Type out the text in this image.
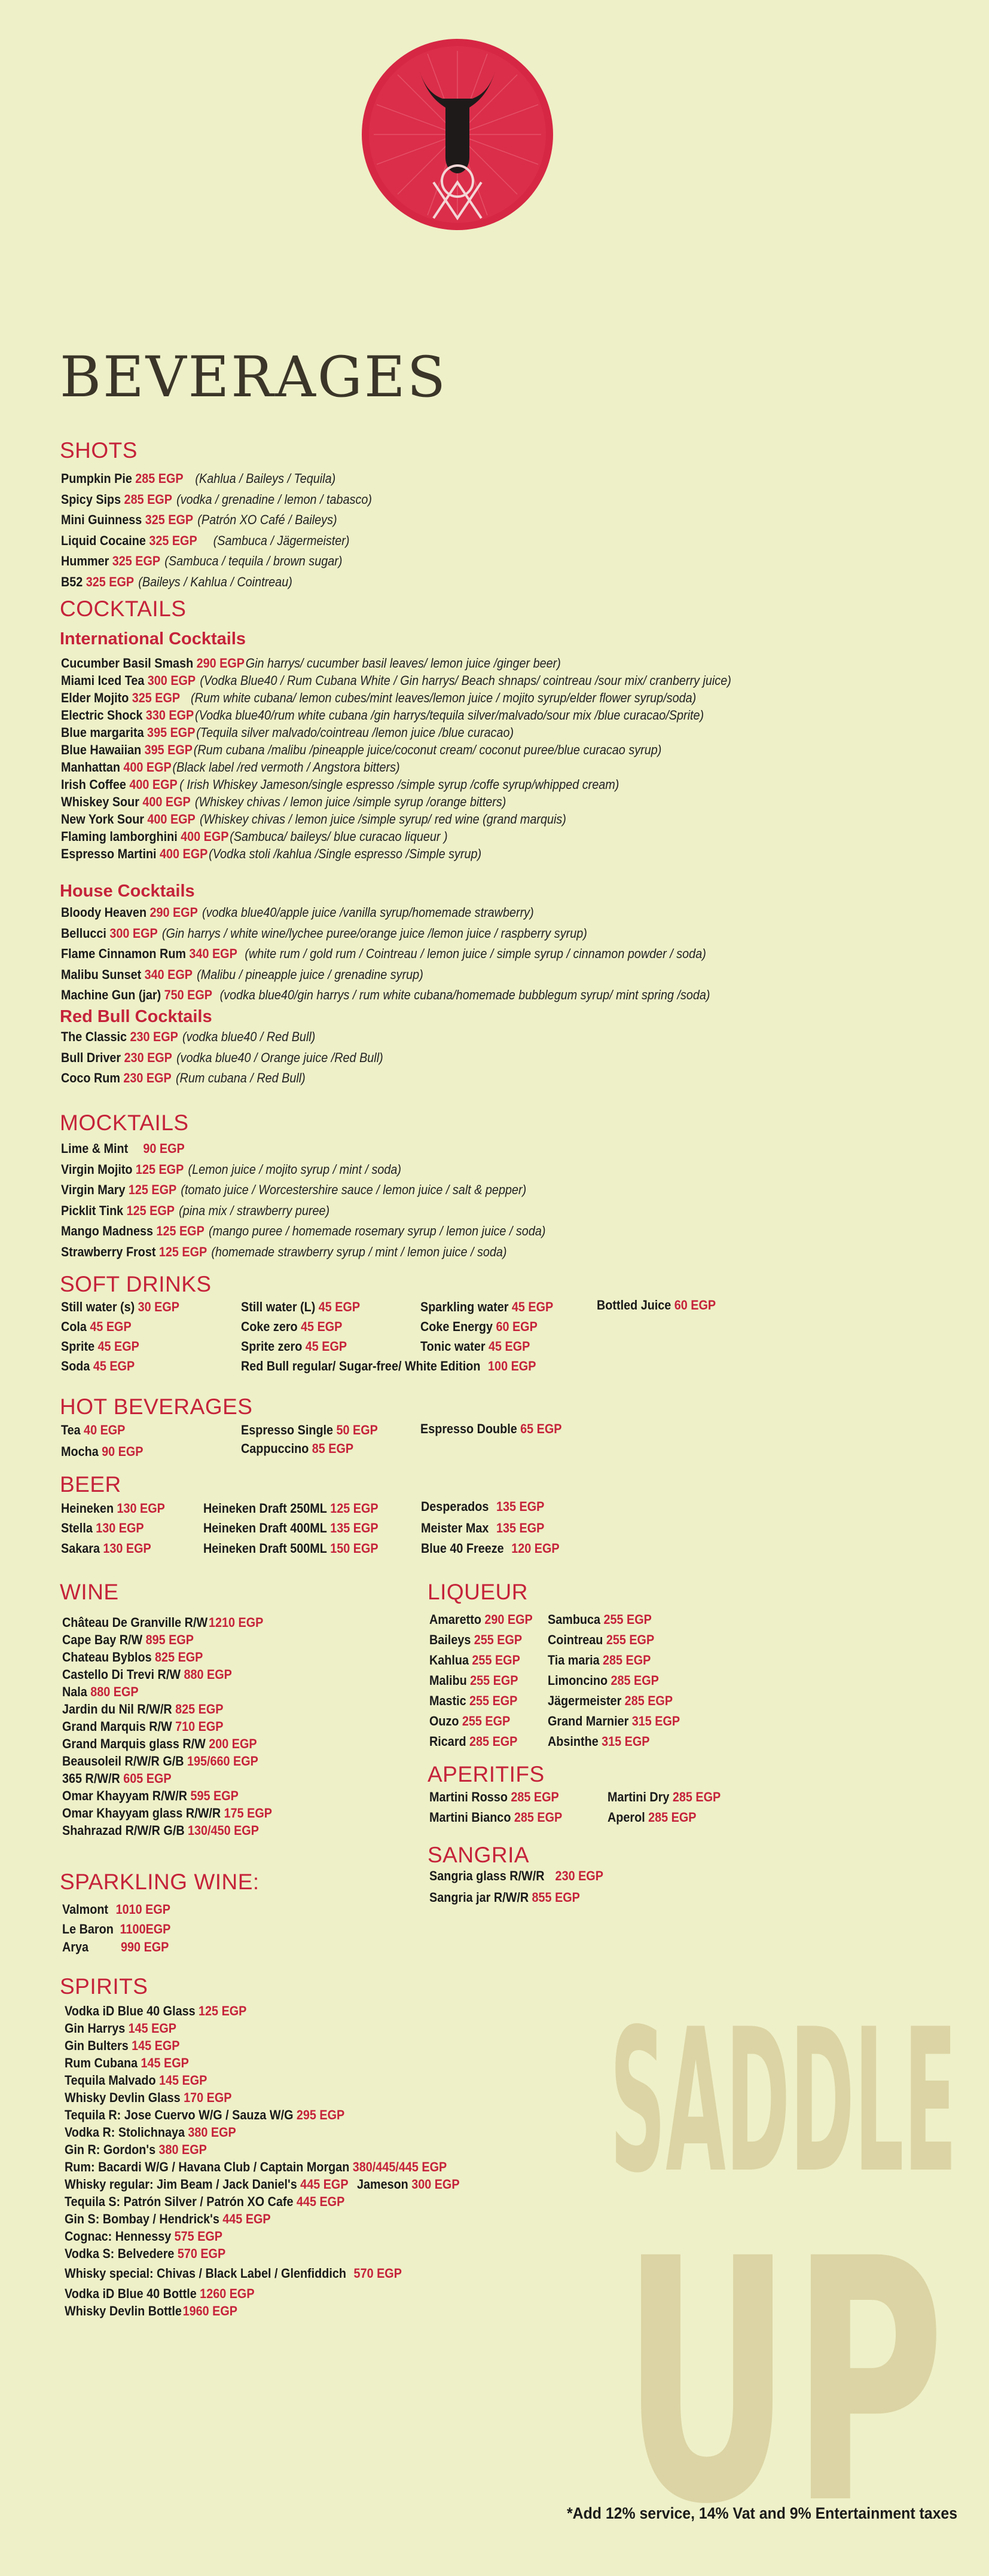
SADDLE
UP
BEVERAGES
SHOTS
Pumpkin Pie 285 EGP (Kahlua / Baileys / Tequila)
Spicy Sips 285 EGP (vodka / grenadine / lemon / tabasco)
Mini Guinness 325 EGP (Patrón XO Café / Baileys)
Liquid Cocaine 325 EGP (Sambuca / Jägermeister)
Hummer 325 EGP (Sambuca / tequila / brown sugar)
B52 325 EGP (Baileys / Kahlua / Cointreau)
COCKTAILS
International Cocktails
Cucumber Basil Smash 290 EGPGin harrys/ cucumber basil leaves/ lemon juice /ginger beer)
Miami Iced Tea 300 EGP (Vodka Blue40 / Rum Cubana White / Gin harrys/ Beach shnaps/ cointreau /sour mix/ cranberry juice)
Elder Mojito 325 EGP (Rum white cubana/ lemon cubes/mint leaves/lemon juice / mojito syrup/elder flower syrup/soda)
Electric Shock 330 EGP(Vodka blue40/rum white cubana /gin harrys/tequila silver/malvado/sour mix /blue curacao/Sprite)
Blue margarita 395 EGP(Tequila silver malvado/cointreau /lemon juice /blue curacao)
Blue Hawaiian 395 EGP(Rum cubana /malibu /pineapple juice/coconut cream/ coconut puree/blue curacao syrup)
Manhattan 400 EGP(Black label /red vermoth / Angstora bitters)
Irish Coffee 400 EGP ( Irish Whiskey Jameson/single espresso /simple syrup /coffe syrup/whipped cream)
Whiskey Sour 400 EGP (Whiskey chivas / lemon juice /simple syrup /orange bitters)
New York Sour 400 EGP (Whiskey chivas / lemon juice /simple syrup/ red wine (grand marquis)
Flaming lamborghini 400 EGP(Sambuca/ baileys/ blue curacao liqueur )
Espresso Martini 400 EGP(Vodka stoli /kahlua /Single espresso /Simple syrup)
House Cocktails
Bloody Heaven 290 EGP (vodka blue40/apple juice /vanilla syrup/homemade strawberry)
Bellucci 300 EGP (Gin harrys / white wine/lychee puree/orange juice /lemon juice / raspberry syrup)
Flame Cinnamon Rum 340 EGP (white rum / gold rum / Cointreau / lemon juice / simple syrup / cinnamon powder / soda)
Malibu Sunset 340 EGP (Malibu / pineapple juice / grenadine syrup)
Machine Gun (jar) 750 EGP (vodka blue40/gin harrys / rum white cubana/homemade bubblegum syrup/ mint spring /soda)
Red Bull Cocktails
The Classic 230 EGP (vodka blue40 / Red Bull)
Bull Driver 230 EGP (vodka blue40 / Orange juice /Red Bull)
Coco Rum 230 EGP (Rum cubana / Red Bull)
MOCKTAILS
Lime & Mint 90 EGP
Virgin Mojito 125 EGP (Lemon juice / mojito syrup / mint / soda)
Virgin Mary 125 EGP (tomato juice / Worcestershire sauce / lemon juice / salt & pepper)
Picklit Tink 125 EGP (pina mix / strawberry puree)
Mango Madness 125 EGP (mango puree / homemade rosemary syrup / lemon juice / soda)
Strawberry Frost 125 EGP (homemade strawberry syrup / mint / lemon juice / soda)
SOFT DRINKS
Still water (s) 30 EGP	Still water (L) 45 EGP	Sparkling water 45 EGP	Bottled Juice 60 EGP
Cola 45 EGP	Coke zero 45 EGP	Coke Energy 60 EGP
Sprite 45 EGP	Sprite zero 45 EGP	Tonic water 45 EGP
Soda 45 EGP	Red Bull regular/ Sugar-free/ White Edition 100 EGP
HOT BEVERAGES
Tea 40 EGP	Espresso Single 50 EGP	Espresso Double 65 EGP
Mocha 90 EGP	Cappuccino 85 EGP
BEER
Heineken 130 EGP	Heineken Draft 250ML 125 EGP	Desperados 135 EGP
Stella 130 EGP	Heineken Draft 400ML 135 EGP	Meister Max 135 EGP
Sakara 130 EGP	Heineken Draft 500ML 150 EGP	Blue 40 Freeze 120 EGP
WINE
Château De Granville R/W1210 EGP
Cape Bay R/W 895 EGP
Chateau Byblos 825 EGP
Castello Di Trevi R/W 880 EGP
Nala 880 EGP
Jardin du Nil R/W/R 825 EGP
Grand Marquis R/W 710 EGP
Grand Marquis glass R/W 200 EGP
Beausoleil R/W/R G/B 195/660 EGP
365 R/W/R 605 EGP
Omar Khayyam R/W/R 595 EGP
Omar Khayyam glass R/W/R 175 EGP
Shahrazad R/W/R G/B 130/450 EGP
LIQUEUR
Amaretto 290 EGP Sambuca 255 EGP
Baileys 255 EGP Cointreau 255 EGP
Kahlua 255 EGP Tia maria 285 EGP
Malibu 255 EGP Limoncino 285 EGP
Mastic 255 EGP Jägermeister 285 EGP
Ouzo 255 EGP	Grand Marnier 315 EGP
Ricard 285 EGP Absinthe 315 EGP
APERITIFS
Martini Rosso 285 EGP	Martini Dry 285 EGP
Martini Bianco 285 EGP	Aperol 285 EGP
SANGRIA
Sangria glass R/W/R 230 EGP
Sangria jar R/W/R 855 EGP
SPARKLING WINE:
Valmont 1010 EGP
Le Baron 1100EGP
Arya 990 EGP
SPIRITS
Vodka iD Blue 40 Glass 125 EGP
Gin Harrys 145 EGP
Gin Bulters 145 EGP
Rum Cubana 145 EGP
Tequila Malvado 145 EGP
Whisky Devlin Glass 170 EGP
Tequila R: Jose Cuervo W/G / Sauza W/G 295 EGP
Vodka R: Stolichnaya 380 EGP
Gin R: Gordon's 380 EGP
Rum: Bacardi W/G / Havana Club / Captain Morgan 380/445/445 EGP
Whisky regular: Jim Beam / Jack Daniel's 445 EGP Jameson 300 EGP
Tequila S: Patrón Silver / Patrón XO Cafe 445 EGP
Gin S: Bombay / Hendrick's 445 EGP
Cognac: Hennessy 575 EGP
Vodka S: Belvedere 570 EGP
Whisky special: Chivas / Black Label / Glenfiddich 570 EGP
Vodka iD Blue 40 Bottle 1260 EGP
Whisky Devlin Bottle1960 EGP
*Add 12% service, 14% Vat and 9% Entertainment taxes
